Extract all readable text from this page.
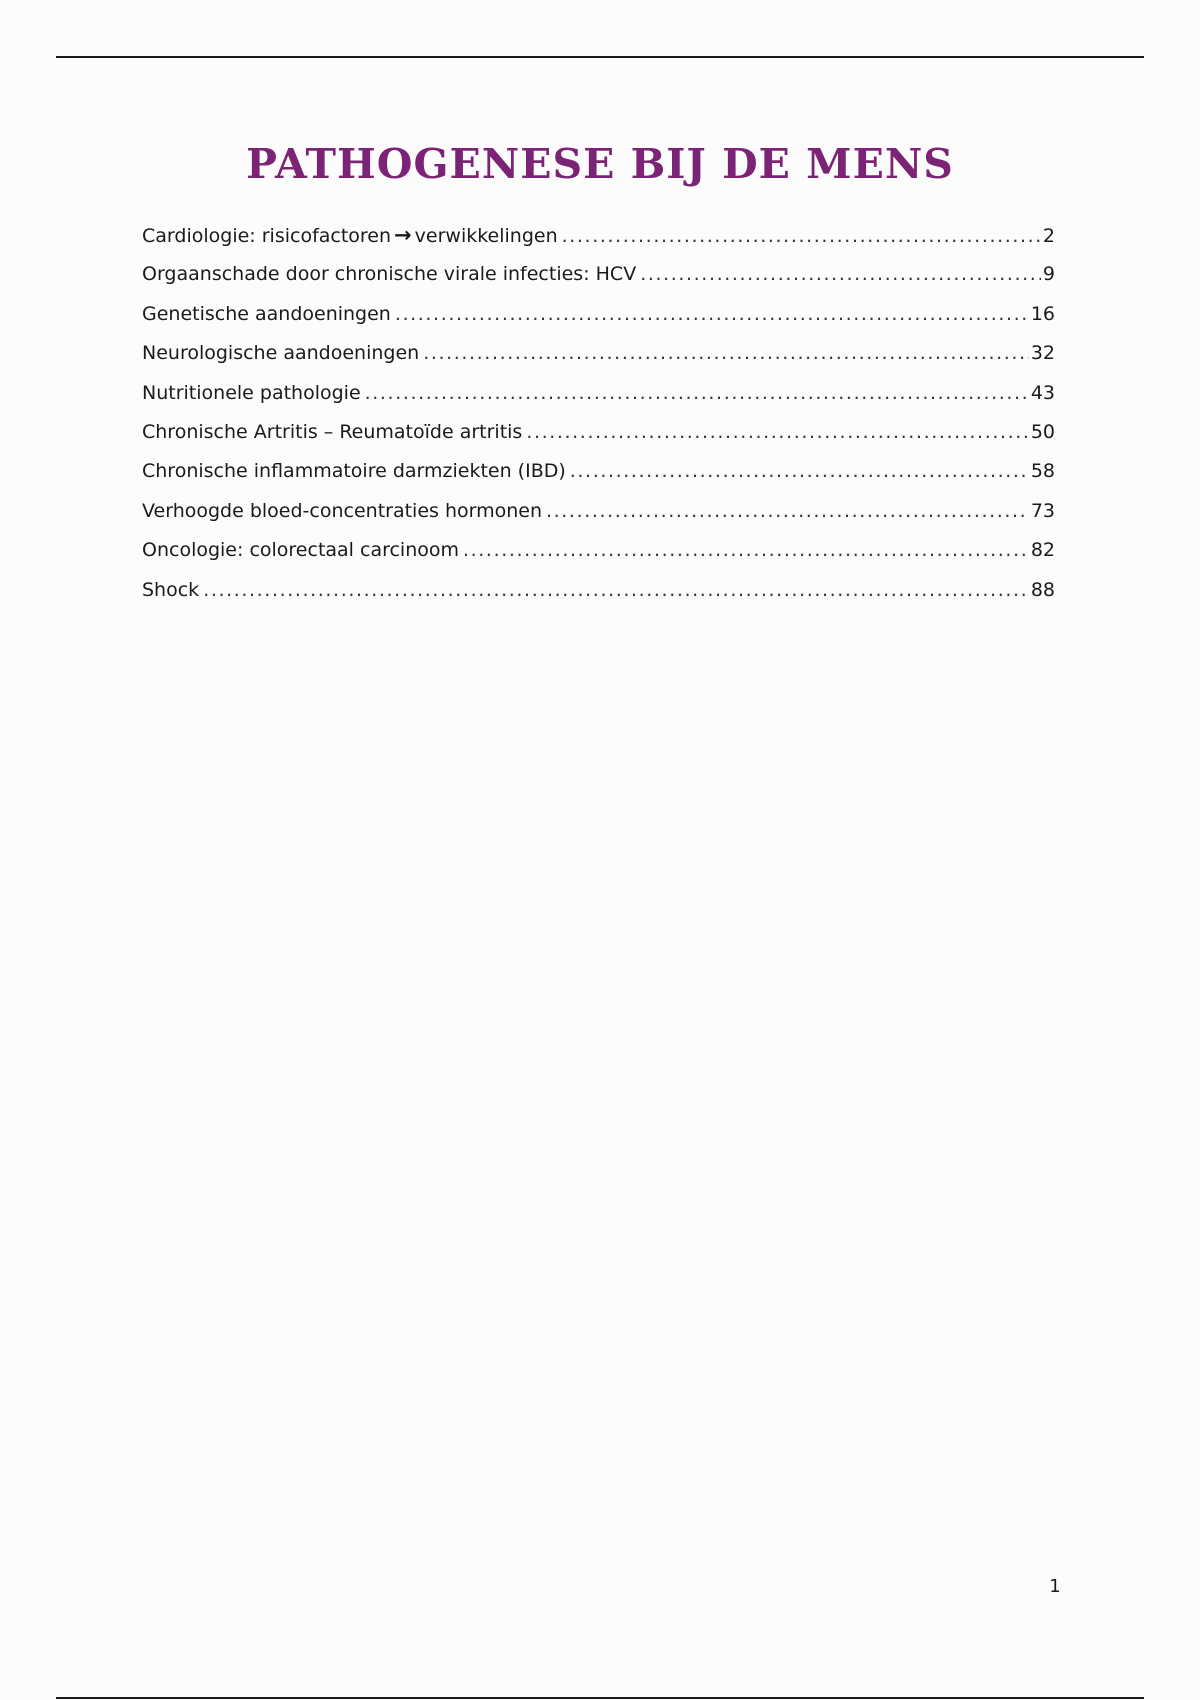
PATHOGENESE BIJ DE MENS
Cardiologie: risicofactoren → verwikkelingen .....	2
Orgaanschade door chronische virale infecties: HCV .....	9
Genetische aandoeningen .....	16
Neurologische aandoeningen .....	32
Nutritionele pathologie .....	43
Chronische Artritis – Reumatoïde artritis .....	50
Chronische inflammatoire darmziekten (IBD) .....	58
Verhoogde bloed-concentraties hormonen .....	73
Oncologie: colorectaal carcinoom .....	82
Shock .....	88
1
